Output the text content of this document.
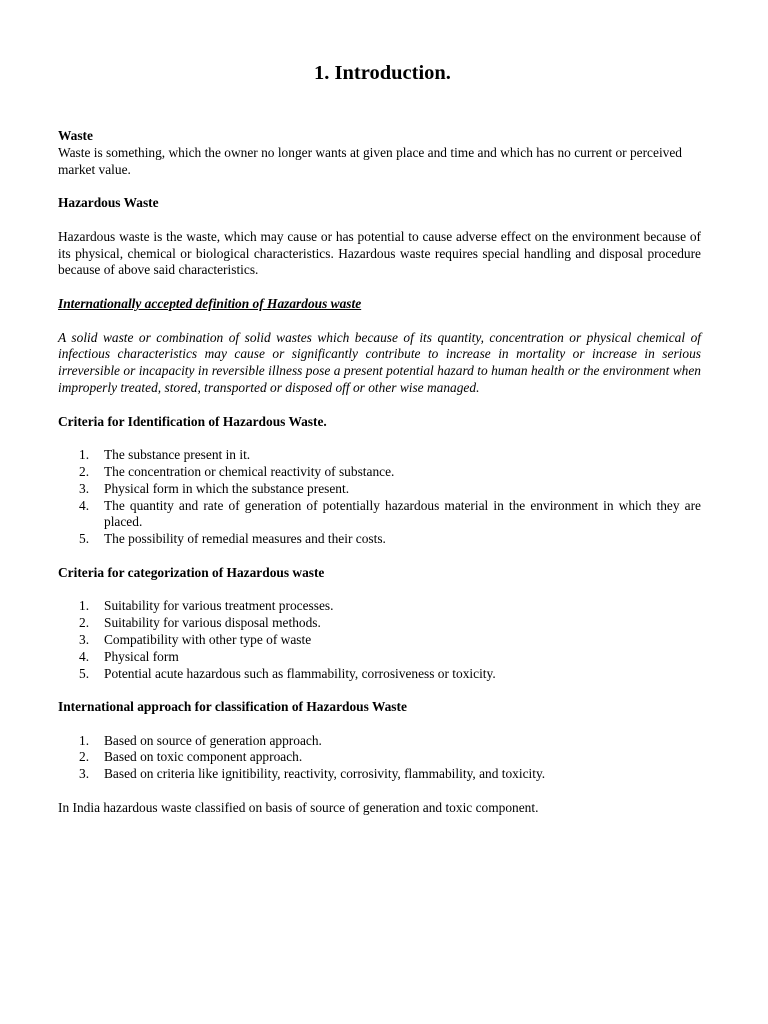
1. Introduction.

Waste

Waste is something, which the owner no longer wants at given place and time and which has no current or perceived market value.

Hazardous Waste

Hazardous waste is the waste, which may cause or has potential to cause adverse effect on the environment because of its physical, chemical or biological characteristics. Hazardous waste requires special handling and disposal procedure because of above said characteristics.

Internationally accepted definition of Hazardous waste

A solid waste or combination of solid wastes which because of its quantity, concentration or physical chemical of infectious characteristics may cause or significantly contribute to increase in mortality or increase in serious irreversible or incapacity in reversible illness pose a present potential hazard to human health or the environment when improperly treated, stored, transported or disposed off or other wise managed.

Criteria for Identification of Hazardous Waste.

1. The substance present in it.
2. The concentration or chemical reactivity of substance.
3. Physical form in which the substance present.
4. The quantity and rate of generation of potentially hazardous material in the environment in which they are placed.
5. The possibility of remedial measures and their costs.

Criteria for categorization of Hazardous waste

1. Suitability for various treatment processes.
2. Suitability for various disposal methods.
3. Compatibility with other type of waste
4. Physical form
5. Potential acute hazardous such as flammability, corrosiveness or toxicity.

International approach for classification of Hazardous Waste

1. Based on source of generation approach.
2. Based on toxic component approach.
3. Based on criteria like ignitibility, reactivity, corrosivity, flammability, and toxicity.

In India hazardous waste classified on basis of source of generation and toxic component.
